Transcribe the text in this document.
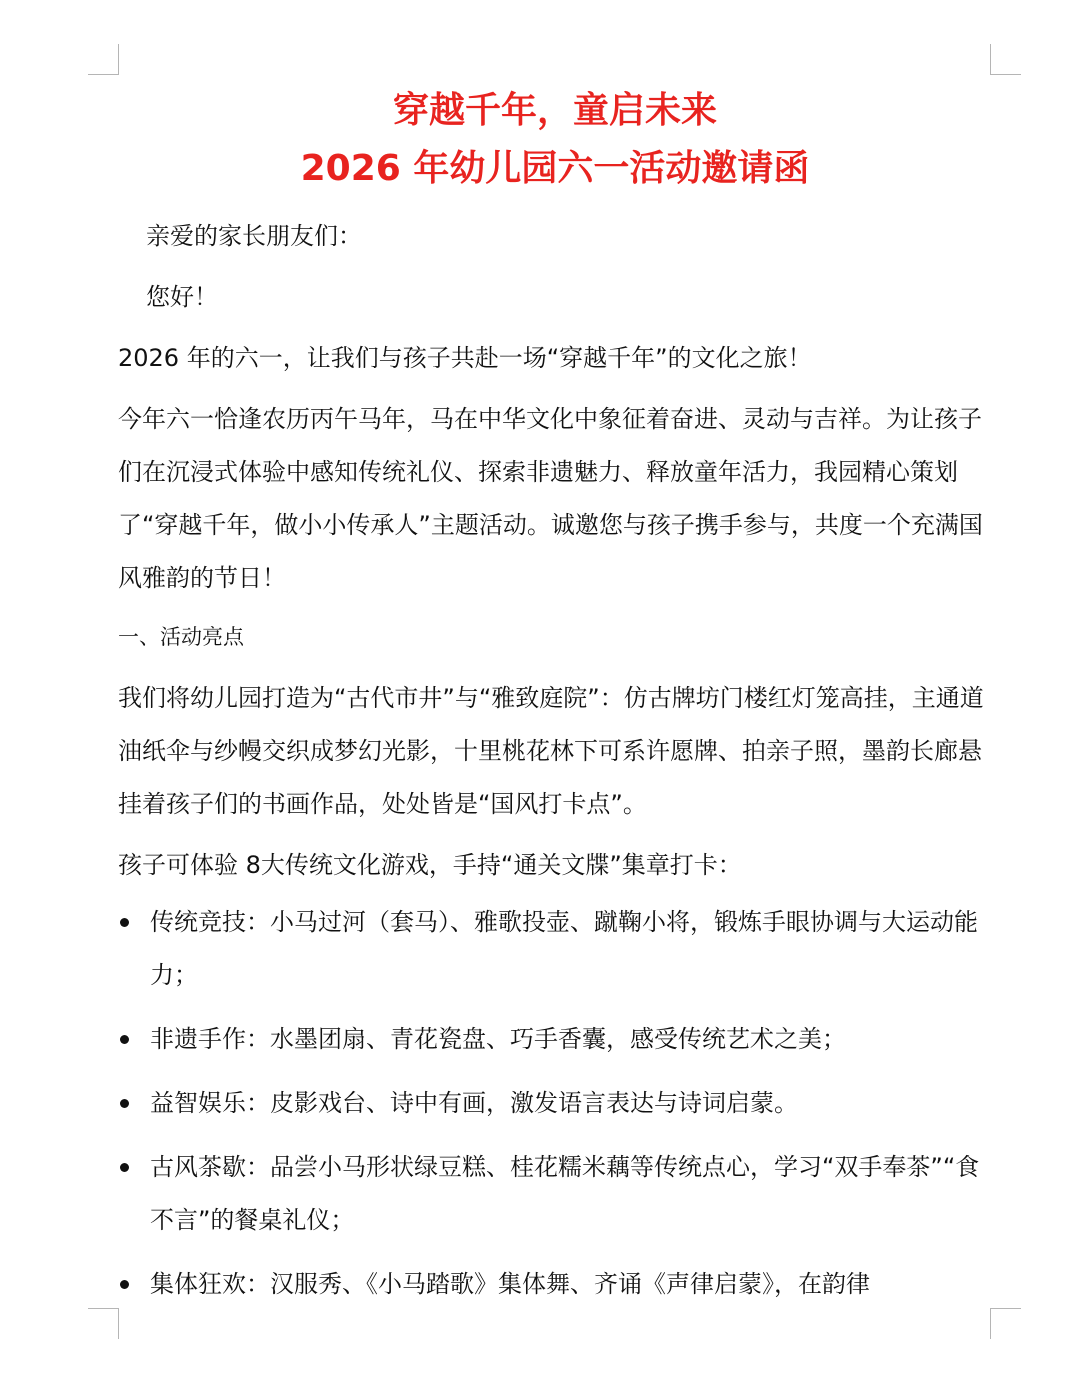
穿越千年，童启未来
2026 年幼儿园六一活动邀请函

亲爱的家长朋友们：

您好！

2026 年的六一，让我们与孩子共赴一场“穿越千年”的文化之旅！

今年六一恰逢农历丙午马年，马在中华文化中象征着奋进、灵动与吉祥。为让孩子们在沉浸式体验中感知传统礼仪、探索非遗魅力、释放童年活力，我园精心策划了“穿越千年，做小小传承人”主题活动。诚邀您与孩子携手参与，共度一个充满国风雅韵的节日！

一、活动亮点

我们将幼儿园打造为“古代市井”与“雅致庭院”：仿古牌坊门楼红灯笼高挂，主通道油纸伞与纱幔交织成梦幻光影，十里桃花林下可系许愿牌、拍亲子照，墨韵长廊悬挂着孩子们的书画作品，处处皆是“国风打卡点”。

孩子可体验 8大传统文化游戏，手持“通关文牒”集章打卡：

传统竞技：小马过河（套马）、雅歌投壶、蹴鞠小将，锻炼手眼协调与大运动能力；
非遗手作：水墨团扇、青花瓷盘、巧手香囊，感受传统艺术之美；
益智娱乐：皮影戏台、诗中有画，激发语言表达与诗词启蒙。
古风茶歇：品尝小马形状绿豆糕、桂花糯米藕等传统点心，学习“双手奉茶”“食不言”的餐桌礼仪；
集体狂欢：汉服秀、《小马踏歌》集体舞、齐诵《声律启蒙》，在韵律
